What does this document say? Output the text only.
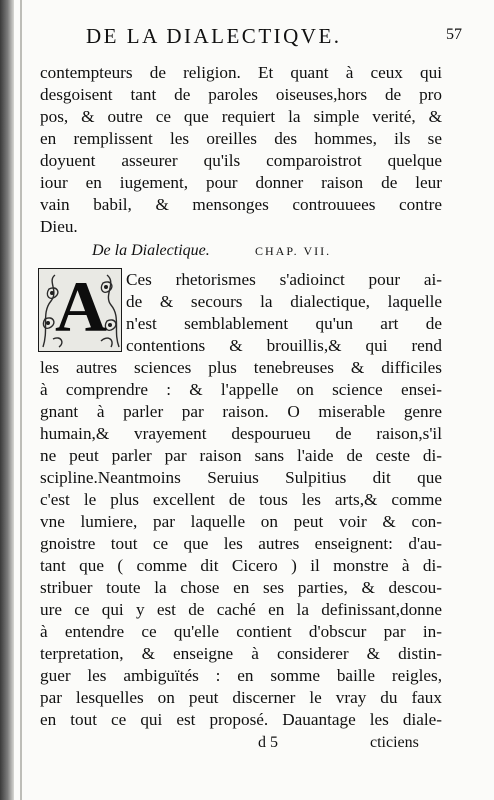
DE LA DIALECTIQVE.	57
contempteurs de religion. Et quant à ceux qui
desgoisent tant de paroles oiseuses,hors de pro
pos, & outre ce que requiert la simple verité, &
en remplissent les oreilles des hommes, ils se
doyuent asseurer qu'ils comparoistrot quelque
iour en iugement, pour donner raison de leur
vain babil, & mensonges controuuees contre
Dieu.
De la Dialectique.	CHAP. VII.
A	Ces rhetorismes s'adioinct pour ai-
de & secours la dialectique, laquelle
n'est semblablement qu'un art de
contentions & brouillis,& qui rend
les autres sciences plus tenebreuses & difficiles
à comprendre : & l'appelle on science ensei-
gnant à parler par raison. O miserable genre
humain,& vrayement despourueu de raison,s'il
ne peut parler par raison sans l'aide de ceste di-
scipline.Neantmoins Seruius Sulpitius dit que
c'est le plus excellent de tous les arts,& comme
vne lumiere, par laquelle on peut voir & con-
gnoistre tout ce que les autres enseignent: d'au-
tant que ( comme dit Cicero ) il monstre à di-
stribuer toute la chose en ses parties, & descou-
ure ce qui y est de caché en la definissant,donne
à entendre ce qu'elle contient d'obscur par in-
terpretation, & enseigne à considerer & distin-
guer les ambiguïtés : en somme baille reigles,
par lesquelles on peut discerner le vray du faux
en tout ce qui est proposé. Dauantage les diale-
d 5	cticiens
